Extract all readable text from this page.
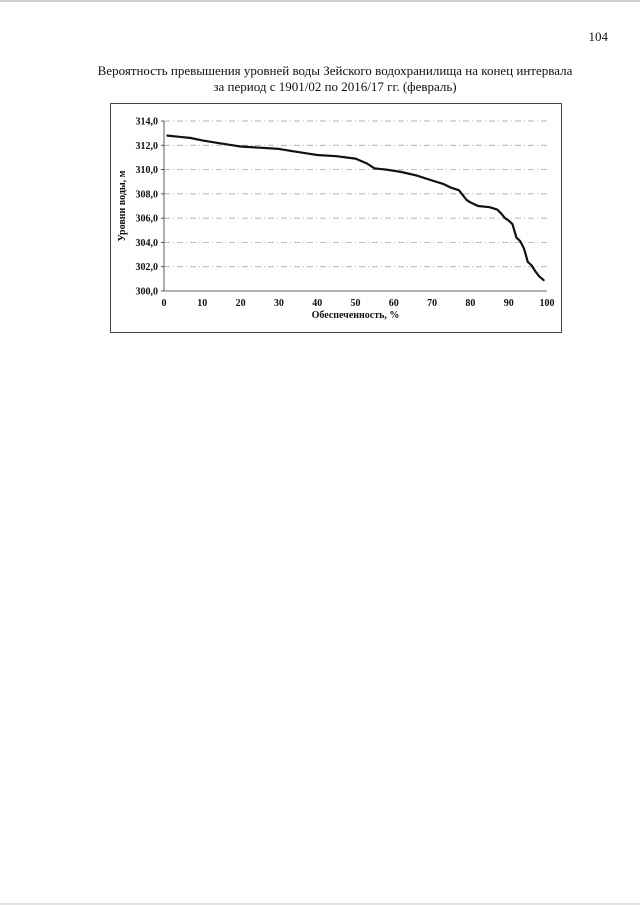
104
Вероятность превышения уровней воды Зейского водохранилища на конец интервала
за период с 1901/02 по 2016/17 гг. (февраль)
300,0
302,0
304,0
306,0
308,0
310,0
312,0
314,0
0	10	20	30	40	50	60	70	80	90	100
Обеспеченность, %
Уровни воды, м
